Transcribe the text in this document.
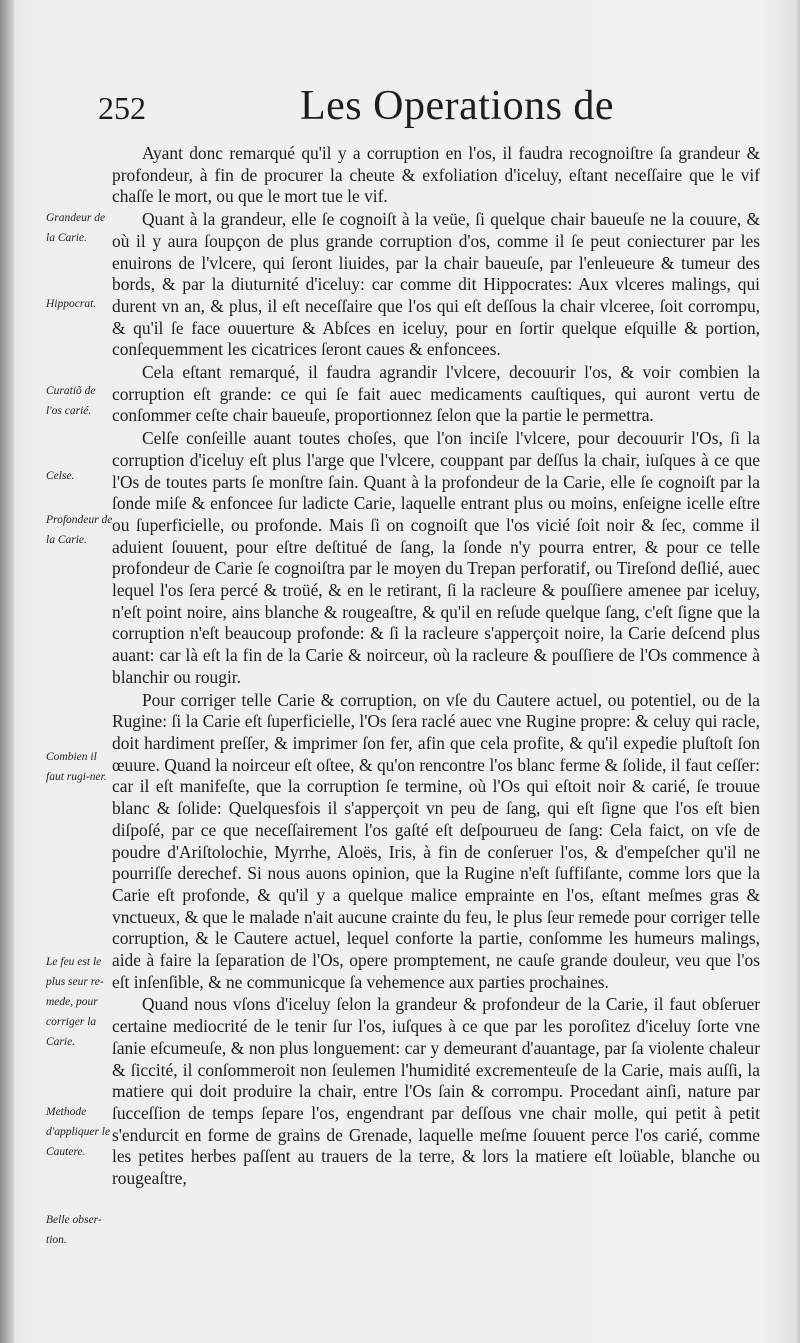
252	Les Operations de
Grandeur de la Carie.
Hippocrat.
Curatiõ de l'os carié.
Celse.
Profondeur de la Carie.
Combien il faut rugi-ner.
Le feu est le plus seur re-mede, pour corriger la Carie.
Methode d'appliquer le Cautere.
Belle obser-tion.

Ayant donc remarqué qu'il y a corruption en l'os, il faudra recognoiſtre ſa grandeur & profondeur, à fin de procurer la cheute & exfoliation d'iceluy, eſtant neceſſaire que le vif chaſſe le mort, ou que le mort tue le vif.

Quant à la grandeur, elle ſe cognoiſt à la veüe, ſi quelque chair baueuſe ne la couure, & où il y aura ſoupçon de plus grande corruption d'os, comme il ſe peut coniecturer par les enuirons de l'vlcere, qui ſeront liuides, par la chair baueuſe, par l'enleueure & tumeur des bords, & par la diuturnité d'iceluy: car comme dit Hippocrates: Aux vlceres malings, qui durent vn an, & plus, il eſt neceſſaire que l'os qui eſt deſſous la chair vlceree, ſoit corrompu, & qu'il ſe face ouuerture & Abſces en iceluy, pour en ſortir quelque eſquille & portion, conſequemment les cicatrices ſeront caues & enfoncees.

Cela eſtant remarqué, il faudra agrandir l'vlcere, decouurir l'os, & voir combien la corruption eſt grande: ce qui ſe fait auec medicaments cauſtiques, qui auront vertu de conſommer ceſte chair baueuſe, proportionnez ſelon que la partie le permettra.

Celſe conſeille auant toutes choſes, que l'on inciſe l'vlcere, pour decouurir l'Os, ſi la corruption d'iceluy eſt plus l'arge que l'vlcere, couppant par deſſus la chair, iuſques à ce que l'Os de toutes parts ſe monſtre ſain. Quant à la profondeur de la Carie, elle ſe cognoiſt par la ſonde miſe & enfoncee ſur ladicte Carie, laquelle entrant plus ou moins, enſeigne icelle eſtre ou ſuperficielle, ou profonde. Mais ſi on cognoiſt que l'os vicié ſoit noir & ſec, comme il aduient ſouuent, pour eſtre deſtitué de ſang, la ſonde n'y pourra entrer, & pour ce telle profondeur de Carie ſe cognoiſtra par le moyen du Trepan perforatif, ou Tireſond deſlié, auec lequel l'os ſera percé & troüé, & en le retirant, ſi la racleure & pouſſiere amenee par iceluy, n'eſt point noire, ains blanche & rougeaſtre, & qu'il en reſude quelque ſang, c'eſt ſigne que la corruption n'eſt beaucoup profonde: & ſi la racleure s'apperçoit noire, la Carie deſcend plus auant: car là eſt la fin de la Carie & noirceur, où la racleure & pouſſiere de l'Os commence à blanchir ou rougir.

Pour corriger telle Carie & corruption, on vſe du Cautere actuel, ou potentiel, ou de la Rugine: ſi la Carie eſt ſuperficielle, l'Os ſera raclé auec vne Rugine propre: & celuy qui racle, doit hardiment preſſer, & imprimer ſon fer, afin que cela profite, & qu'il expedie pluſtoſt ſon œuure. Quand la noirceur eſt oſtee, & qu'on rencontre l'os blanc ferme & ſolide, il faut ceſſer: car il eſt manifeſte, que la corruption ſe termine, où l'Os qui eſtoit noir & carié, ſe trouue blanc & ſolide: Quelquesfois il s'apperçoit vn peu de ſang, qui eſt ſigne que l'os eſt bien diſpoſé, par ce que neceſſairement l'os gaſté eſt deſpourueu de ſang: Cela faict, on vſe de poudre d'Ariſtolochie, Myrrhe, Aloës, Iris, à fin de conſeruer l'os, & d'empeſcher qu'il ne pourriſſe derechef. Si nous auons opinion, que la Rugine n'eſt ſuffiſante, comme lors que la Carie eſt profonde, & qu'il y a quelque malice emprainte en l'os, eſtant meſmes gras & vnctueux, & que le malade n'ait aucune crainte du feu, le plus ſeur remede pour corriger telle corruption, & le Cautere actuel, lequel conforte la partie, conſomme les humeurs malings, aide à faire la ſeparation de l'Os, opere promptement, ne cauſe grande douleur, veu que l'os eſt inſenſible, & ne communicque ſa vehemence aux parties prochaines.

Quand nous vſons d'iceluy ſelon la grandeur & profondeur de la Carie, il faut obſeruer certaine mediocrité de le tenir ſur l'os, iuſques à ce que par les poroſitez d'iceluy ſorte vne ſanie eſcumeuſe, & non plus longuement: car y demeurant d'auantage, par ſa violente chaleur & ſiccité, il conſommeroit non ſeulemen l'humidité excrementeuſe de la Carie, mais auſſi, la matiere qui doit produire la chair, entre l'Os ſain & corrompu. Procedant ainſi, nature par ſucceſſion de temps ſepare l'os, engendrant par deſſous vne chair molle, qui petit à petit s'endurcit en forme de grains de Grenade, laquelle meſme ſouuent perce l'os carié, comme les petites herbes paſſent au trauers de la terre, & lors la matiere eſt loüable, blanche ou rougeaſtre,
